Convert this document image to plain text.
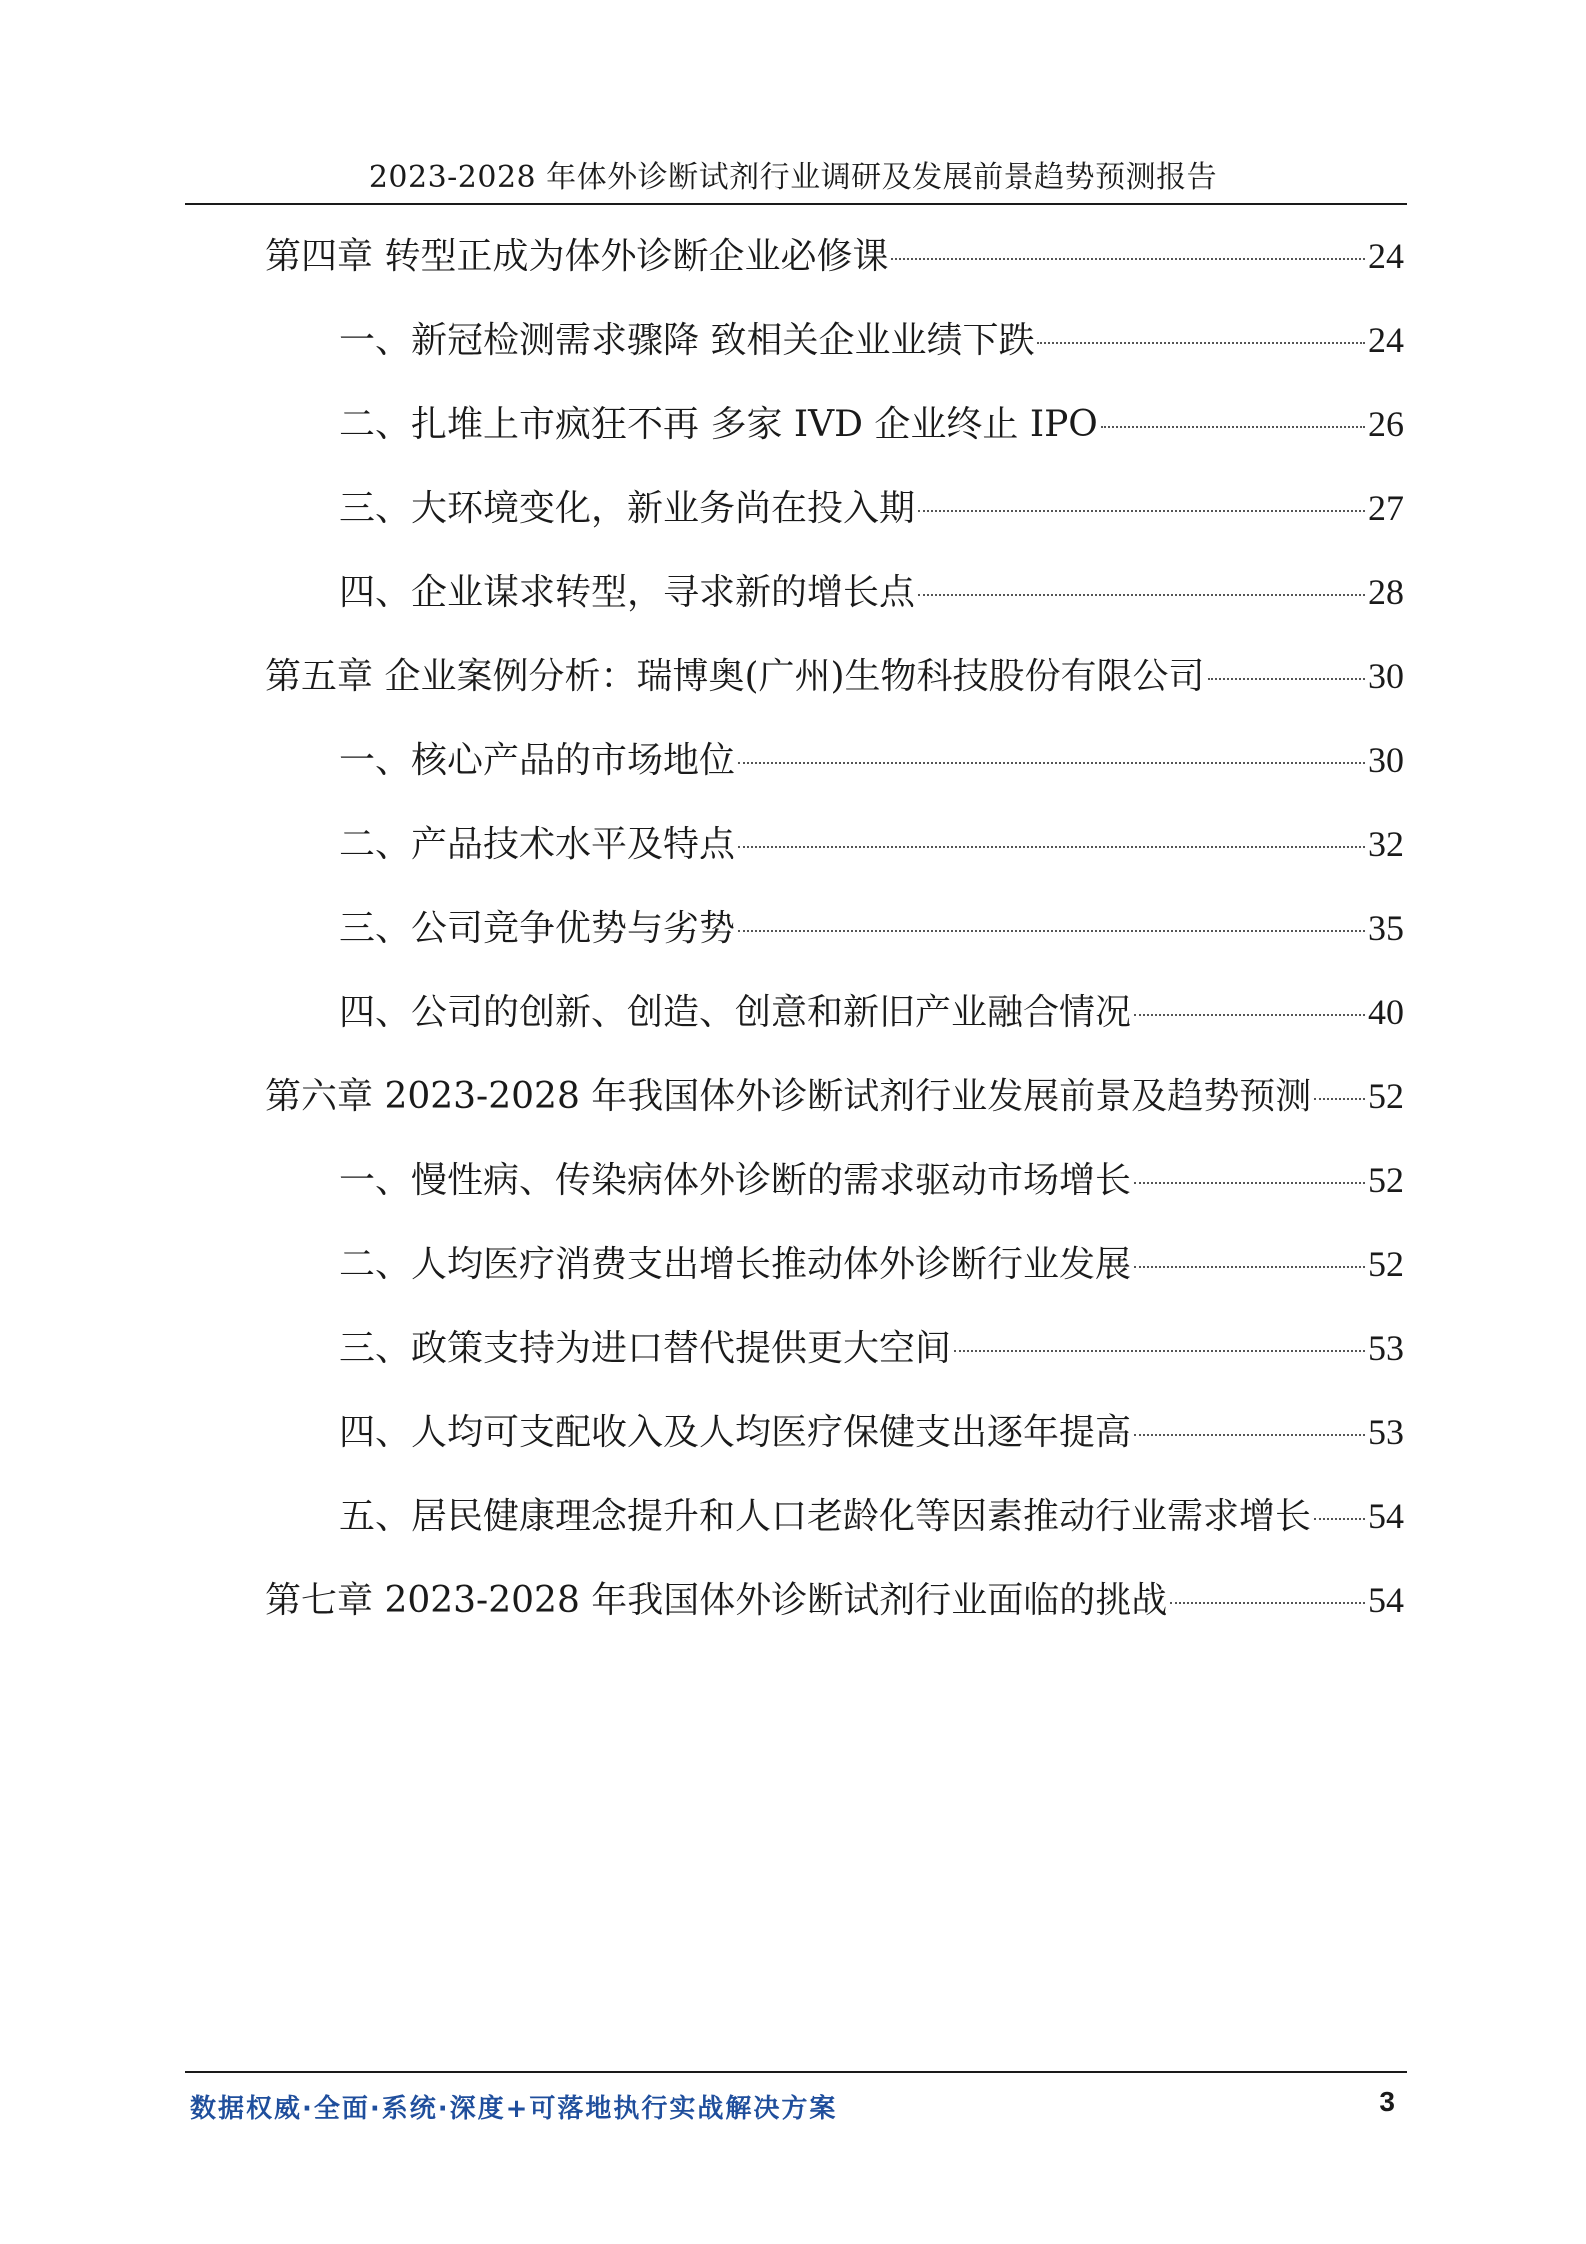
2023-2028 年体外诊断试剂行业调研及发展前景趋势预测报告
第四章 转型正成为体外诊断企业必修课	24
一、新冠检测需求骤降 致相关企业业绩下跌	24
二、扎堆上市疯狂不再 多家 IVD 企业终止 IPO	26
三、大环境变化，新业务尚在投入期	27
四、企业谋求转型，寻求新的增长点	28
第五章 企业案例分析：瑞博奥(广州)生物科技股份有限公司	30
一、核心产品的市场地位	30
二、产品技术水平及特点	32
三、公司竞争优势与劣势	35
四、公司的创新、创造、创意和新旧产业融合情况	40
第六章 2023-2028 年我国体外诊断试剂行业发展前景及趋势预测 52
一、慢性病、传染病体外诊断的需求驱动市场增长	52
二、人均医疗消费支出增长推动体外诊断行业发展	52
三、政策支持为进口替代提供更大空间	53
四、人均可支配收入及人均医疗保健支出逐年提高	53
五、居民健康理念提升和人口老龄化等因素推动行业需求增长 54
第七章 2023-2028 年我国体外诊断试剂行业面临的挑战	54
数据权威·全面·系统·深度+可落地执行实战解决方案	3
